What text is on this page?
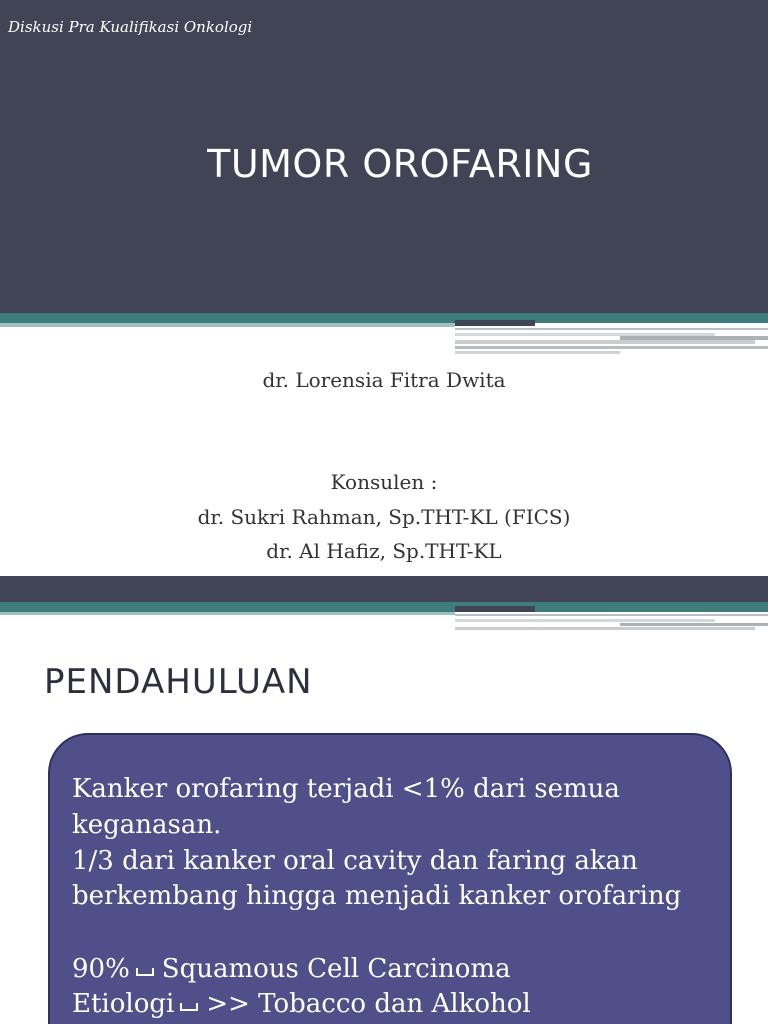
Diskusi Pra Kualifikasi Onkologi
TUMOR OROFARING
dr. Lorensia Fitra Dwita
Konsulen :
dr. Sukri Rahman, Sp.THT-KL (FICS)
dr. Al Hafiz, Sp.THT-KL
PENDAHULUAN
Kanker orofaring terjadi <1% dari semua
keganasan.
1/3 dari kanker oral cavity dan faring akan
berkembang hingga menjadi kanker orofaring
90% Squamous Cell Carcinoma
Etiologi >> Tobacco dan Alkohol
